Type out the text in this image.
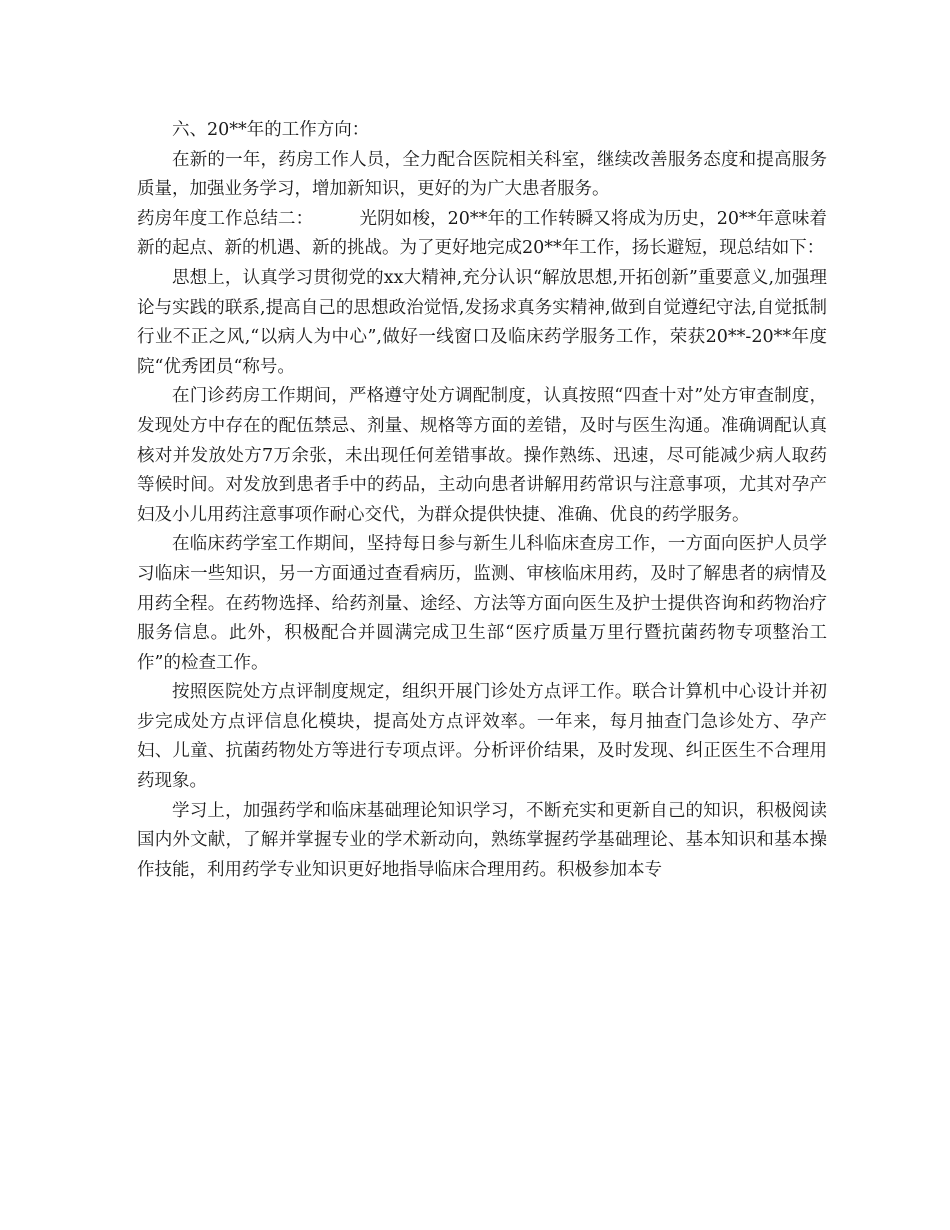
六、20**年的工作方向：

在新的一年，药房工作人员，全力配合医院相关科室，继续改善服务态度和提高服务质量，加强业务学习，增加新知识，更好的为广大患者服务。

药房年度工作总结二：	光阴如梭，20**年的工作转瞬又将成为历史，20**年意味着新的起点、新的机遇、新的挑战。为了更好地完成20**年工作，扬长避短，现总结如下：

思想上，认真学习贯彻党的xx大精神,充分认识“解放思想,开拓创新”重要意义,加强理论与实践的联系,提高自己的思想政治觉悟,发扬求真务实精神,做到自觉遵纪守法,自觉抵制行业不正之风,“以病人为中心”,做好一线窗口及临床药学服务工作，荣获20**-20**年度院“优秀团员“称号。

在门诊药房工作期间，严格遵守处方调配制度，认真按照“四查十对”处方审查制度，发现处方中存在的配伍禁忌、剂量、规格等方面的差错，及时与医生沟通。准确调配认真核对并发放处方7万余张，未出现任何差错事故。操作熟练、迅速，尽可能减少病人取药等候时间。对发放到患者手中的药品，主动向患者讲解用药常识与注意事项，尤其对孕产妇及小儿用药注意事项作耐心交代，为群众提供快捷、准确、优良的药学服务。

在临床药学室工作期间，坚持每日参与新生儿科临床查房工作，一方面向医护人员学习临床一些知识，另一方面通过查看病历，监测、审核临床用药，及时了解患者的病情及用药全程。在药物选择、给药剂量、途经、方法等方面向医生及护士提供咨询和药物治疗服务信息。此外，积极配合并圆满完成卫生部“医疗质量万里行暨抗菌药物专项整治工作”的检查工作。

按照医院处方点评制度规定，组织开展门诊处方点评工作。联合计算机中心设计并初步完成处方点评信息化模块，提高处方点评效率。一年来，每月抽查门急诊处方、孕产妇、儿童、抗菌药物处方等进行专项点评。分析评价结果，及时发现、纠正医生不合理用药现象。

学习上，加强药学和临床基础理论知识学习，不断充实和更新自己的知识，积极阅读国内外文献，了解并掌握专业的学术新动向，熟练掌握药学基础理论、基本知识和基本操作技能，利用药学专业知识更好地指导临床合理用药。积极参加本专
